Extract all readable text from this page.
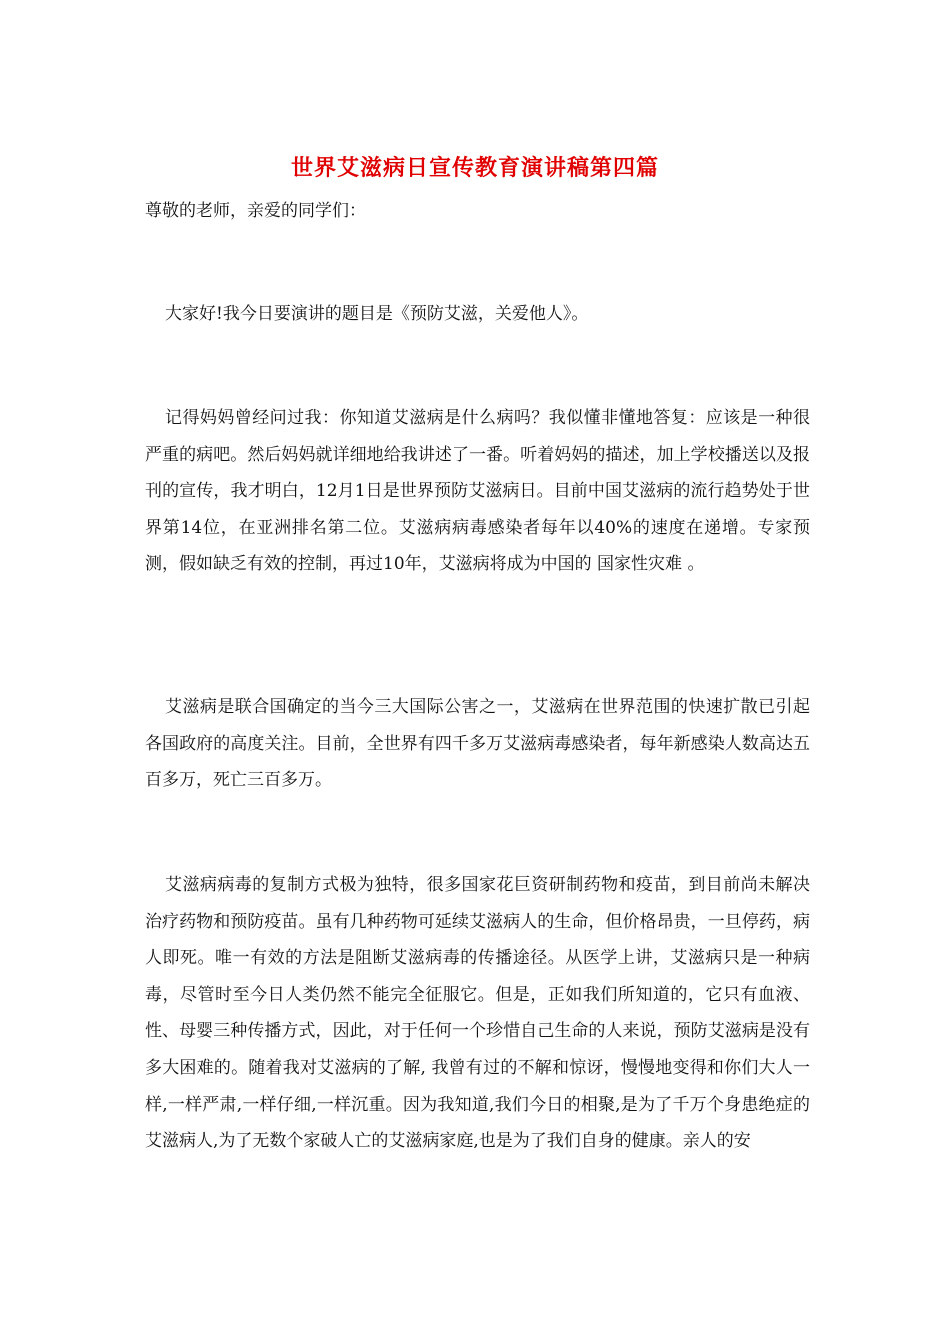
世界艾滋病日宣传教育演讲稿第四篇
尊敬的老师，亲爱的同学们：

大家好!我今日要演讲的题目是《预防艾滋，关爱他人》。

记得妈妈曾经问过我：你知道艾滋病是什么病吗？我似懂非懂地答复：应该是一种很严重的病吧。然后妈妈就详细地给我讲述了一番。听着妈妈的描述，加上学校播送以及报刊的宣传，我才明白，12月1日是世界预防艾滋病日。目前中国艾滋病的流行趋势处于世界第14位，在亚洲排名第二位。艾滋病病毒感染者每年以40%的速度在递增。专家预测，假如缺乏有效的控制，再过10年，艾滋病将成为中国的 国家性灾难 。

艾滋病是联合国确定的当今三大国际公害之一，艾滋病在世界范围的快速扩散已引起各国政府的高度关注。目前，全世界有四千多万艾滋病毒感染者，每年新感染人数高达五百多万，死亡三百多万。

艾滋病病毒的复制方式极为独特，很多国家花巨资研制药物和疫苗，到目前尚未解决治疗药物和预防疫苗。虽有几种药物可延续艾滋病人的生命，但价格昂贵，一旦停药，病人即死。唯一有效的方法是阻断艾滋病毒的传播途径。从医学上讲，艾滋病只是一种病毒，尽管时至今日人类仍然不能完全征服它。但是，正如我们所知道的，它只有血液、性、母婴三种传播方式，因此，对于任何一个珍惜自己生命的人来说，预防艾滋病是没有多大困难的。随着我对艾滋病的了解, 我曾有过的不解和惊讶，慢慢地变得和你们大人一样,一样严肃,一样仔细,一样沉重。因为我知道,我们今日的相聚,是为了千万个身患绝症的艾滋病人,为了无数个家破人亡的艾滋病家庭,也是为了我们自身的健康。亲人的安
